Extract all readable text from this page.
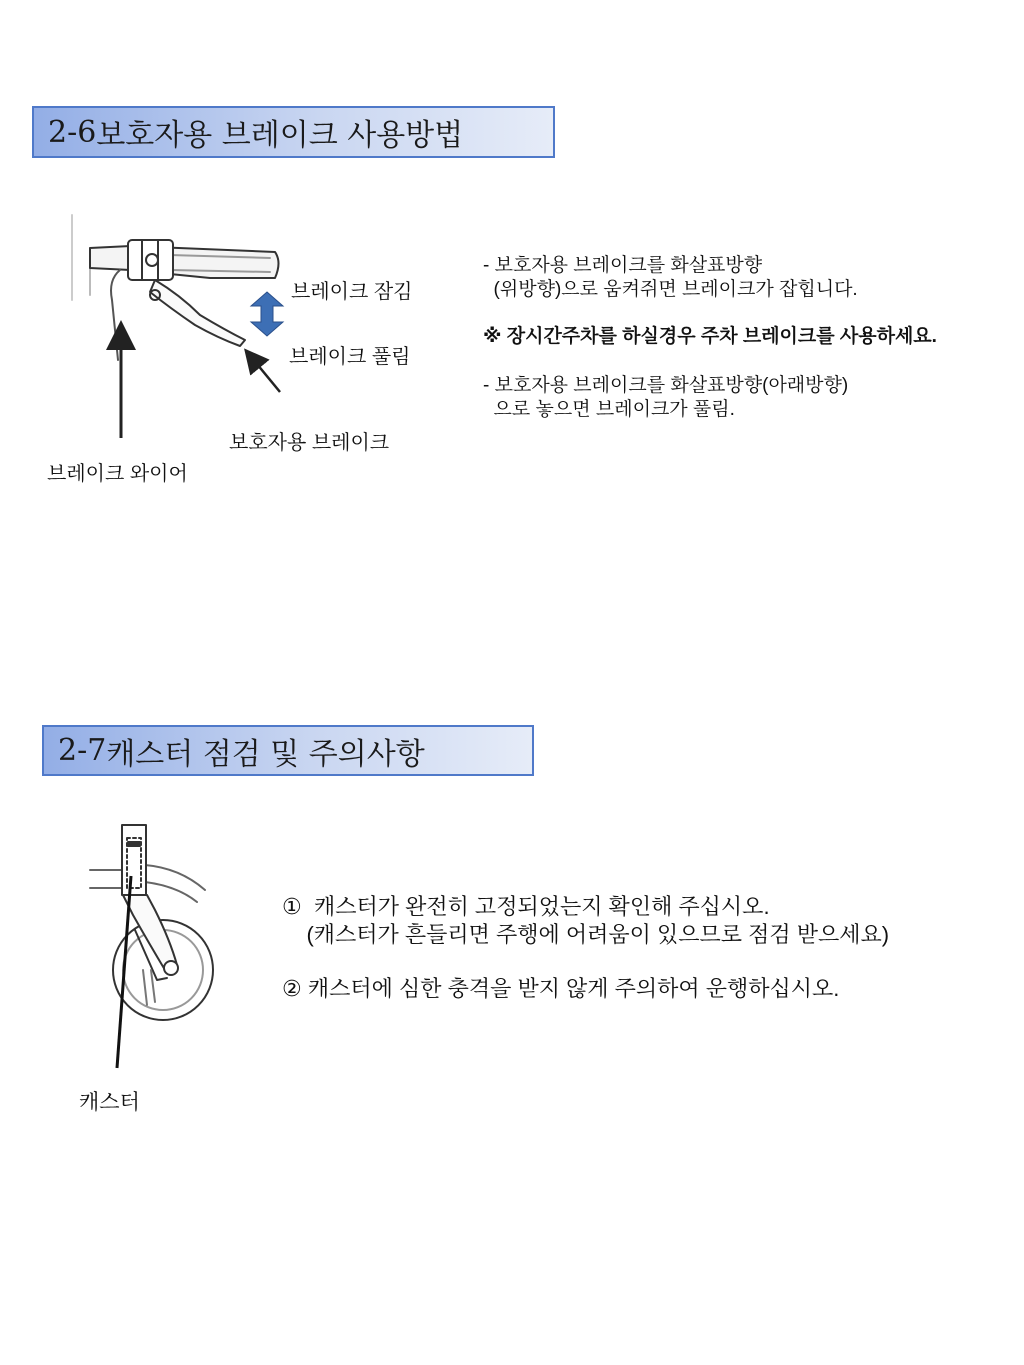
2-6 보호자용 브레이크 사용방법
브레이크 잠김
브레이크 풀림
보호자용 브레이크
브레이크 와이어
- 보호자용 브레이크를 화살표방향
(위방향)으로 움켜쥐면 브레이크가 잡힙니다.
※ 장시간주차를 하실경우 주차 브레이크를 사용하세요.
- 보호자용 브레이크를 화살표방향(아래방향)
으로 놓으면 브레이크가 풀림.
2-7 캐스터 점검 및 주의사항
캐스터
①  캐스터가 완전히 고정되었는지 확인해 주십시오.
(캐스터가 흔들리면 주행에 어려움이 있으므로 점검 받으세요)
② 캐스터에 심한 충격을 받지 않게 주의하여 운행하십시오.
